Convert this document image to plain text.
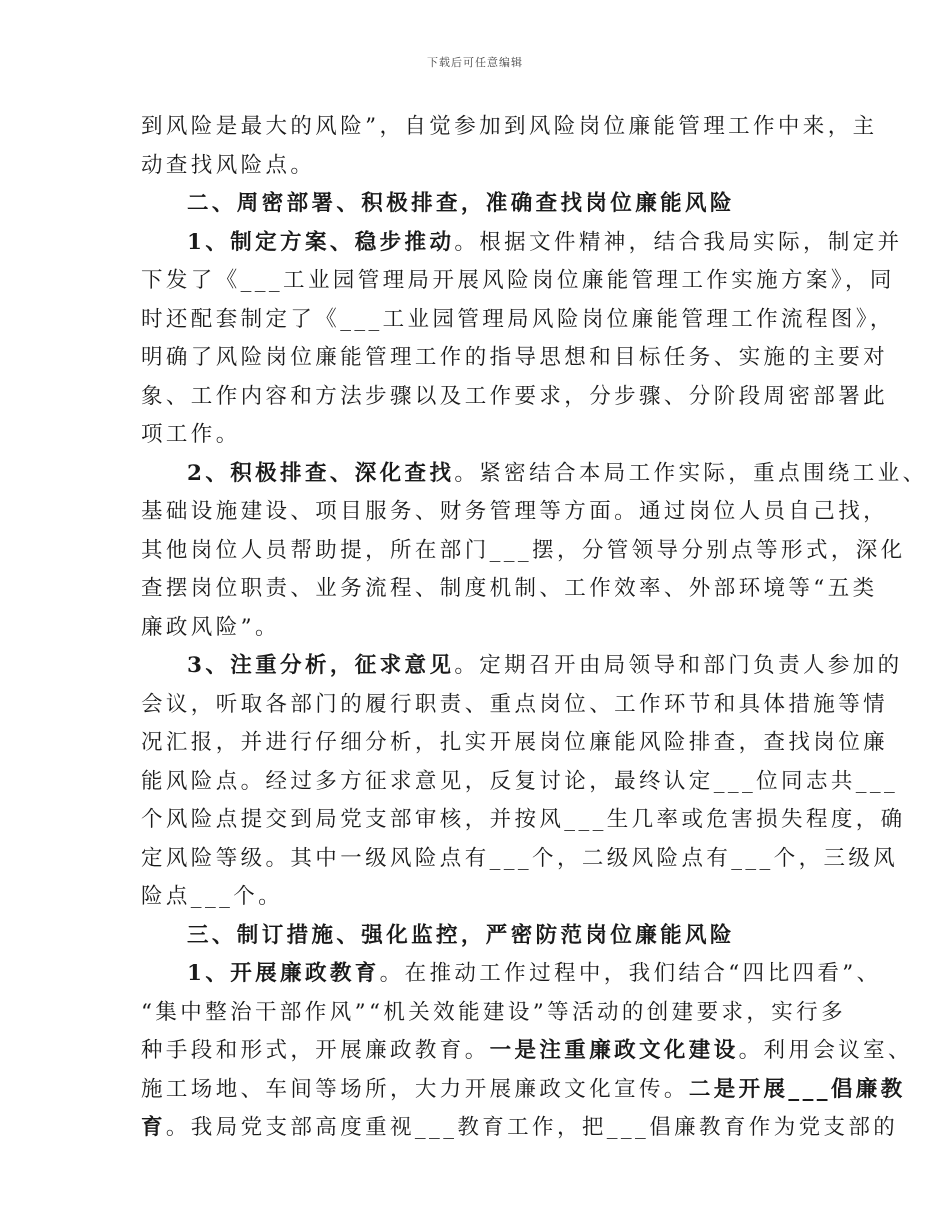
下载后可任意编辑
到风险是最大的风险”，自觉参加到风险岗位廉能管理工作中来，主
动查找风险点。
二、周密部署、积极排查，准确查找岗位廉能风险
1、制定方案、稳步推动。根据文件精神，结合我局实际，制定并
下发了《___工业园管理局开展风险岗位廉能管理工作实施方案》，同
时还配套制定了《___工业园管理局风险岗位廉能管理工作流程图》，
明确了风险岗位廉能管理工作的指导思想和目标任务、实施的主要对
象、工作内容和方法步骤以及工作要求，分步骤、分阶段周密部署此
项工作。
2、积极排查、深化查找。紧密结合本局工作实际，重点围绕工业、
基础设施建设、项目服务、财务管理等方面。通过岗位人员自己找，
其他岗位人员帮助提，所在部门___摆，分管领导分别点等形式，深化
查摆岗位职责、业务流程、制度机制、工作效率、外部环境等“五类
廉政风险”。
3、注重分析，征求意见。定期召开由局领导和部门负责人参加的
会议，听取各部门的履行职责、重点岗位、工作环节和具体措施等情
况汇报，并进行仔细分析，扎实开展岗位廉能风险排查，查找岗位廉
能风险点。经过多方征求意见，反复讨论，最终认定___位同志共___
个风险点提交到局党支部审核，并按风___生几率或危害损失程度，确
定风险等级。其中一级风险点有___个，二级风险点有___个，三级风
险点___个。
三、制订措施、强化监控，严密防范岗位廉能风险
1、开展廉政教育。在推动工作过程中，我们结合“四比四看”、
“集中整治干部作风”“机关效能建设”等活动的创建要求，实行多
种手段和形式，开展廉政教育。一是注重廉政文化建设。利用会议室、
施工场地、车间等场所，大力开展廉政文化宣传。二是开展___倡廉教
育。我局党支部高度重视___教育工作，把___倡廉教育作为党支部的
